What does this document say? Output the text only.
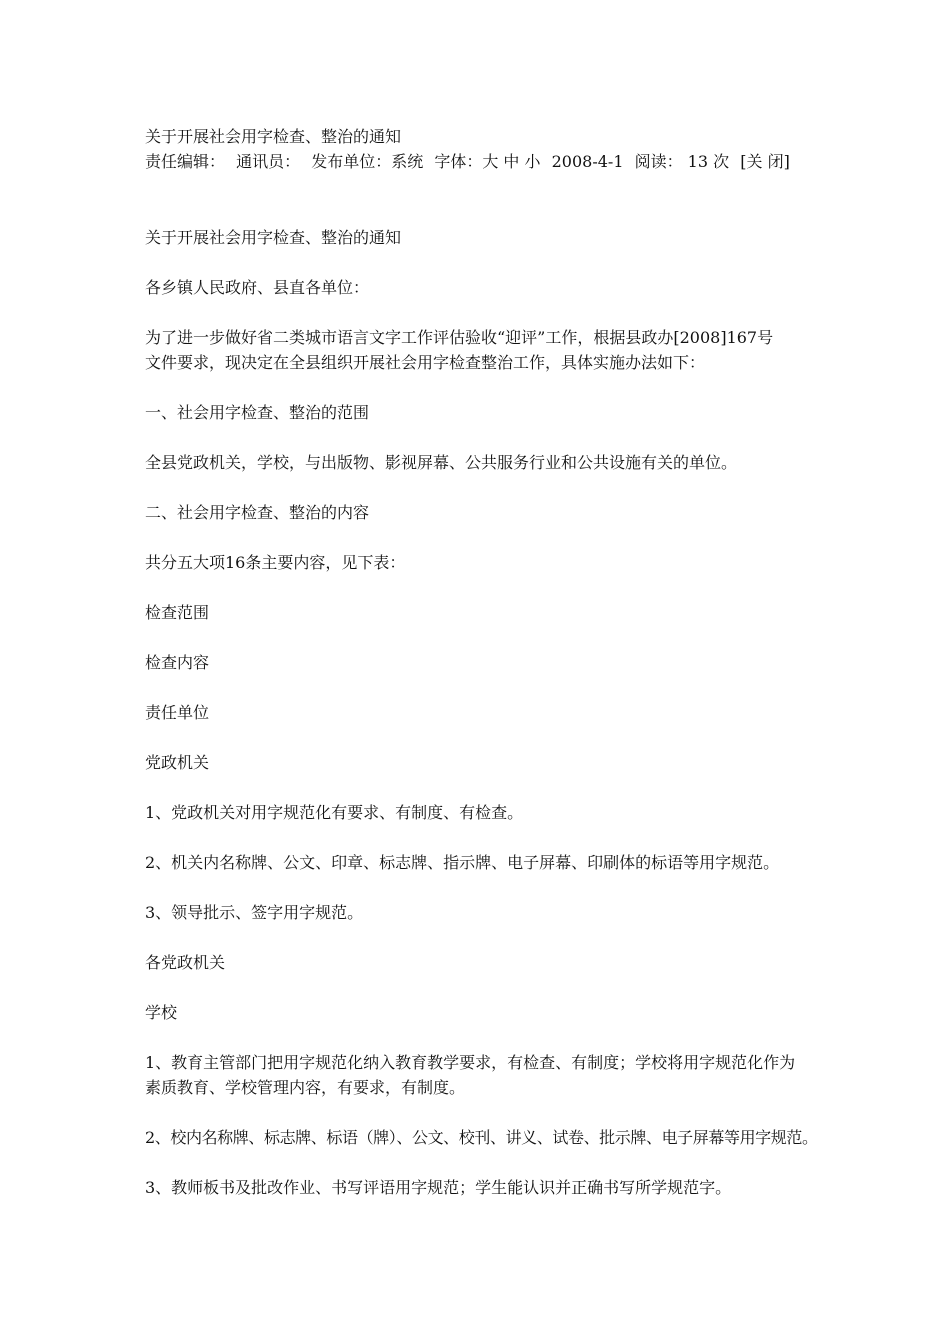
关于开展社会用字检查、整治的通知
责任编辑： 通讯员： 发布单位：系统 字体：大 中 小 2008-4-1 阅读： 13 次 [关 闭]

关于开展社会用字检查、整治的通知

各乡镇人民政府、县直各单位：

为了进一步做好省二类城市语言文字工作评估验收“迎评”工作，根据县政办[2008]167号
文件要求，现决定在全县组织开展社会用字检查整治工作，具体实施办法如下：

一、社会用字检查、整治的范围

全县党政机关，学校，与出版物、影视屏幕、公共服务行业和公共设施有关的单位。

二、社会用字检查、整治的内容

共分五大项16条主要内容，见下表：

检查范围

检查内容

责任单位

党政机关

1、党政机关对用字规范化有要求、有制度、有检查。

2、机关内名称牌、公文、印章、标志牌、指示牌、电子屏幕、印刷体的标语等用字规范。

3、领导批示、签字用字规范。

各党政机关

学校

1、教育主管部门把用字规范化纳入教育教学要求，有检查、有制度；学校将用字规范化作为
素质教育、学校管理内容，有要求，有制度。

2、校内名称牌、标志牌、标语（牌）、公文、校刊、讲义、试卷、批示牌、电子屏幕等用字规范。

3、教师板书及批改作业、书写评语用字规范；学生能认识并正确书写所学规范字。
